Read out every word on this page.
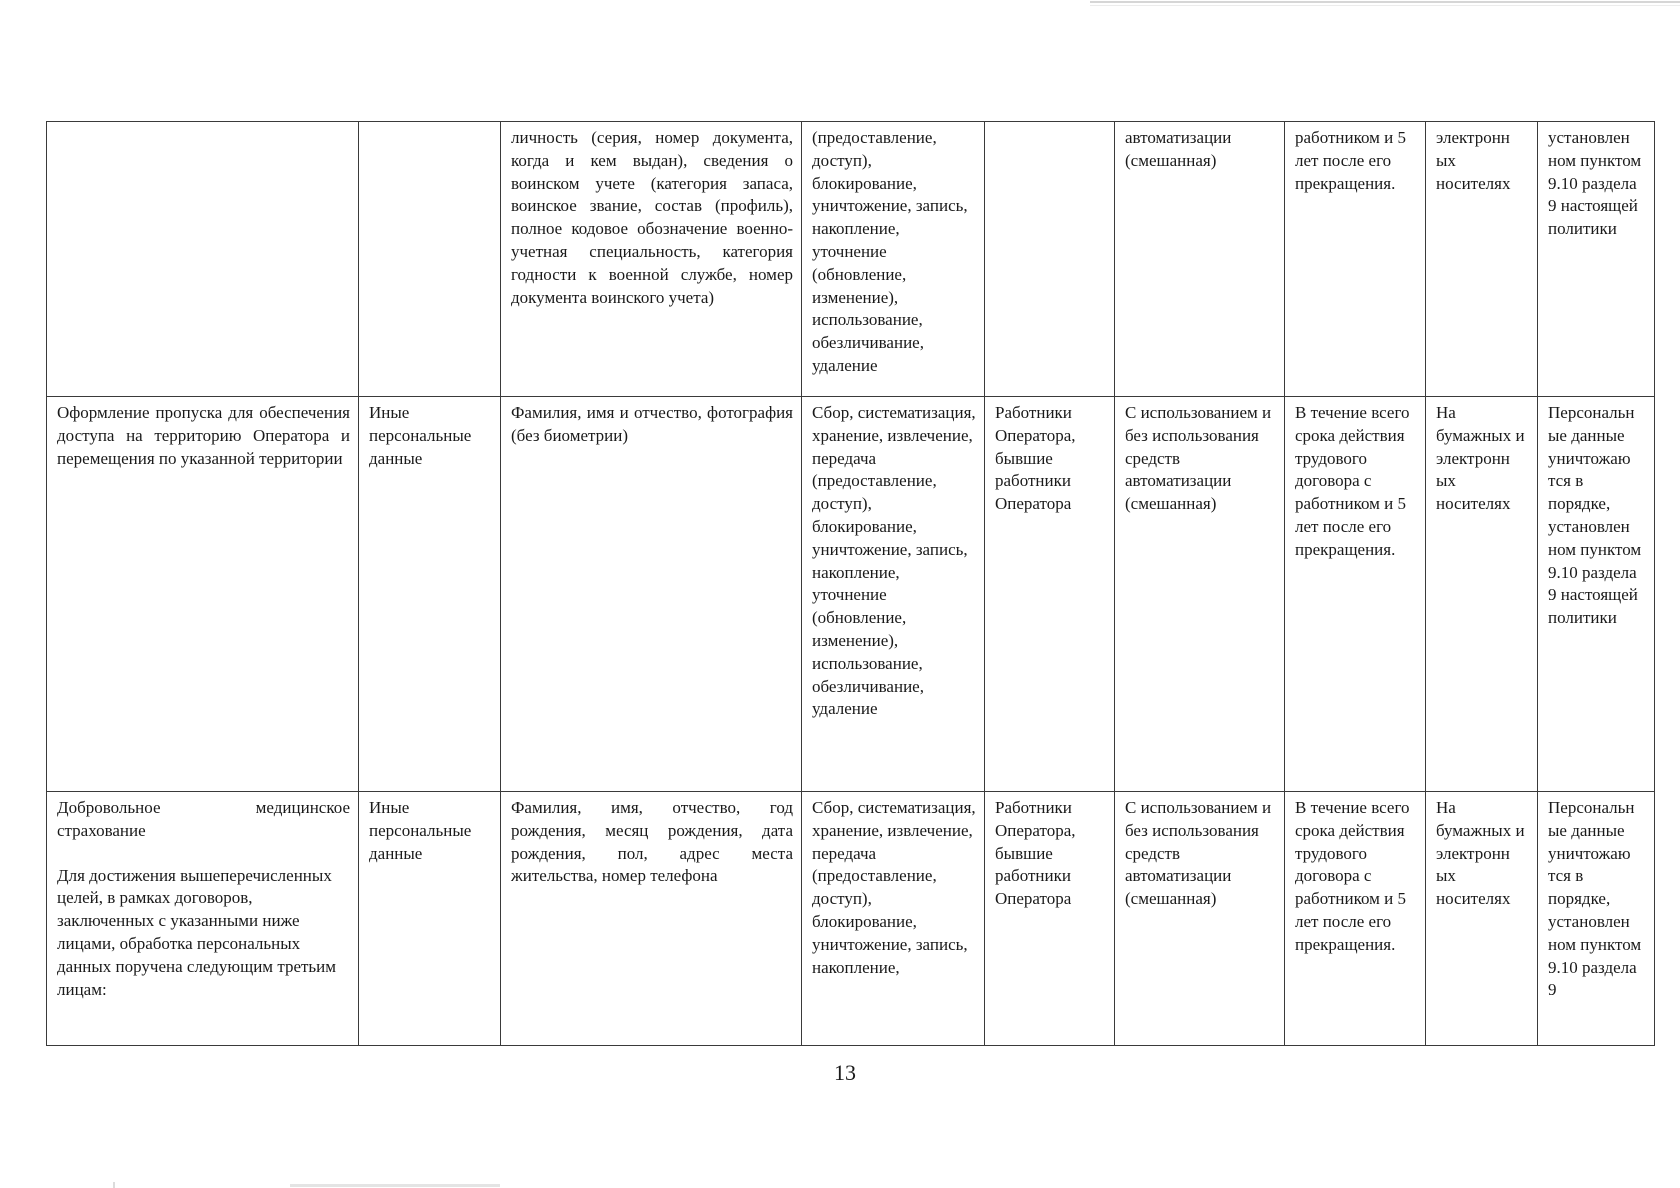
		личность (серия, номер документа, когда и кем выдан), сведения о воинском учете (категория запаса, воинское звание, состав (профиль), полное кодовое обозначение военно-учетная специальность, категория годности к военной службе, номер документа воинского учета)	(предоставление, доступ), блокирование, уничтожение, запись, накопление, уточнение (обновление, изменение), использование, обезличивание, удаление		автоматизации (смешанная)	работником и 5 лет после его прекращения.	электронн ых носителях	установлен ном пунктом 9.10 раздела 9 настоящей политики
Оформление пропуска для обеспечения доступа на территорию Оператора и перемещения по указанной территории	Иные персональные данные	Фамилия, имя и отчество, фотография (без биометрии)	Сбор, систематизация, хранение, извлечение, передача (предоставление, доступ), блокирование, уничтожение, запись, накопление, уточнение (обновление, изменение), использование, обезличивание, удаление	Работники Оператора, бывшие работники Оператора	С использованием и без использования средств автоматизации (смешанная)	В течение всего срока действия трудового договора с работником и 5 лет после его прекращения.	На бумажных и электронн ых носителях	Персональн ые данные уничтожаю тся в порядке, установлен ном пунктом 9.10 раздела 9 настоящей политики

Добровольное медицинское страхование
Для достижения вышеперечисленных целей, в рамках договоров, заключенных с указанными ниже лицами, обработка персональных данных поручена следующим третьим лицам:	Иные персональные данные	Фамилия, имя, отчество, год рождения, месяц рождения, дата рождения, пол, адрес места жительства, номер телефона	Сбор, систематизация, хранение, извлечение, передача (предоставление, доступ), блокирование, уничтожение, запись, накопление,	Работники Оператора, бывшие работники Оператора	С использованием и без использования средств автоматизации (смешанная)	В течение всего срока действия трудового договора с работником и 5 лет после его прекращения.	На бумажных и электронн ых носителях	Персональн ые данные уничтожаю тся в порядке, установлен ном пунктом 9.10 раздела 9
13
